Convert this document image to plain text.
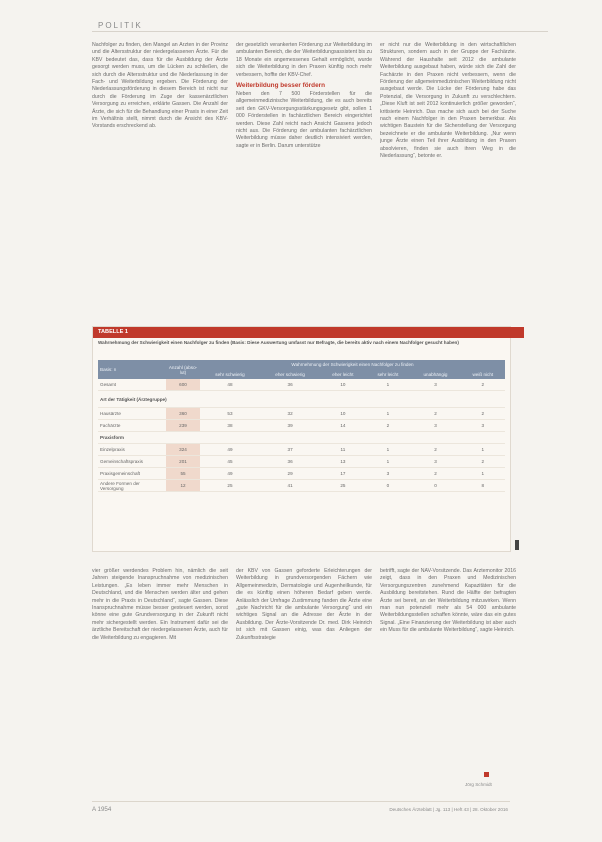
POLITIK

Nachfolger zu finden, den Mangel an Ärzten in der Provinz und die Altersstruktur der niedergelassenen Ärzte. Für die KBV bedeutet das, dass für die Ausbildung der Ärzte gesorgt werden muss, um die Lücken zu schließen, die sich durch die Altersstruktur und die Niederlassung in der Fach- und Weiterbildung ergeben. Die Förderung der Niederlassungsförderung in diesem Bereich ist nicht nur durch die Förderung im Zuge der kassenärztlichen Versorgung zu erreichen, erklärte Gassen. Die Anzahl der Ärzte, die sich für die Behandlung einer Praxis in einer Zeit im Verhältnis stellt, nimmt durch die Ansicht des KBV-Vorstands erschreckend ab.

der gesetzlich verankerten Förderung zur Weiterbildung im ambulanten Bereich, die der Weiterbildungsassistent bis zu 18 Monate ein angemessenes Gehalt ermöglicht, wurde sich die Weiterbildung in den Praxen künftig noch mehr verbessern, hoffte der KBV-Chef.

Weiterbildung besser fördern

Neben den 7 500 Förderstellen für die allgemeinmedizinische Weiterbildung, die es auch bereits seit den GKV-Versorgungsstärkungsgesetz gibt, sollen 1 000 Förderstellen in fachärztlichen Bereich eingerichtet werden. Diese Zahl reicht nach Ansicht Gassens jedoch nicht aus. Die Förderung der ambulanten fachärztlichen Weiterbildung müsse daher deutlich intensiviert werden, sagte er in Berlin. Darum unterstütze

er nicht nur die Weiterbildung in den wirtschaftlichen Strukturen, sondern auch in der Gruppe der Fachärzte. Während der Haushalte seit 2012 die ambulante Weiterbildung ausgebaut haben, würde sich die Zahl der Fachärzte in den Praxen nicht verbessern, wenn die Förderung der allgemeinmedizinischen Weiterbildung nicht ausgebaut werde. Die Lücke der Förderung habe das Potenzial, die Versorgung in Zukunft zu verschlechtern. „Diese Kluft ist seit 2012 kontinuierlich größer geworden“, kritisierte Heinrich. Das mache sich auch bei der Suche nach einem Nachfolger in den Praxen bemerkbar. Als wichtigen Baustein für die Sicherstellung der Versorgung bezeichnete er die ambulante Weiterbildung. „Nur wenn junge Ärzte einen Teil ihrer Ausbildung in den Praxen absolvieren, finden sie auch ihren Weg in die Niederlassung“, betonte er.

TABELLE 1
Wahrnehmung der Schwierigkeit einen Nachfolger zu finden (Basis: Diese Auswertung umfasst nur Befragte, die bereits aktiv nach einem Nachfolger gesucht haben)
Basis: n	Anzahl (abso-lut)	Wahrnehmung der Schwierigkeit einen Nachfolger zu finden					
		sehr schwierig	eher schwierig	eher leicht	sehr leicht	unabhängig	weiß nicht
Gesamt	600	48	36	10	1	3	2
Art der Tätigkeit (Ärztegruppe)							
Hausärzte	360	53	32	10	1	2	2
Fachärzte	239	38	39	14	2	3	3
Praxisform							
Einzelpraxis	324	49	37	11	1	2	1
Gemeinschaftspraxis	201	45	36	13	1	3	2
Praxisgemeinschaft	55	49	29	17	3	2	1
Andere Formen der Versorgung	12	25	41	25	0	0	8

vier größer werdendes Problem hin, nämlich die seit Jahren steigende Inanspruchnahme von medizinischen Leistungen. „Es leben immer mehr Menschen in Deutschland, und die Menschen werden älter und gehen mehr in die Praxis in Deutschland“, sagte Gassen. Diese Inanspruchnahme müsse besser gesteuert werden, sonst könne eine gute Grundversorgung in der Zukunft nicht mehr sichergestellt werden. Ein Instrument dafür sei die ärztliche Bereitschaft der niedergelassenen Ärzte, auch für die Weiterbildung zu engagieren. Mit

der KBV von Gassen geforderte Erleichterungen der Weiterbildung in grundversorgenden Fächern wie Allgemeinmedizin, Dermatologie und Augenheilkunde, für die es künftig einen höheren Bedarf geben werde. Anlässlich der Umfrage Zustimmung fanden die Ärzte eine „gute Nachricht für die ambulante Versorgung“ und ein wichtiges Signal an die Adresse der Ärzte in der Ausbildung. Der Ärzte-Vorsitzende Dr. med. Dirk Heinrich ist sich mit Gassen einig, was das Anliegen der Zukunftsstrategie

betrifft, sagte der NAV-Vorsitzende. Das Ärztemonitor 2016 zeigt, dass in den Praxen und Medizinischen Versorgungszentren zunehmend Kapazitäten für die Ausbildung bereitstehen. Rund die Hälfte der befragten Ärzte sei bereit, an der Weiterbildung mitzuwirken. Wenn man nun potenziell mehr als 54 000 ambulante Weiterbildungsstellen schaffen könnte, wäre das ein gutes Signal. „Eine Finanzierung der Weiterbildung ist aber auch ein Muss für die ambulante Weiterbildung“, sagte Heinrich.

Jörg Schmidt
A 1954	Deutsches Ärzteblatt | Jg. 113 | Heft 43 | 28. Oktober 2016
